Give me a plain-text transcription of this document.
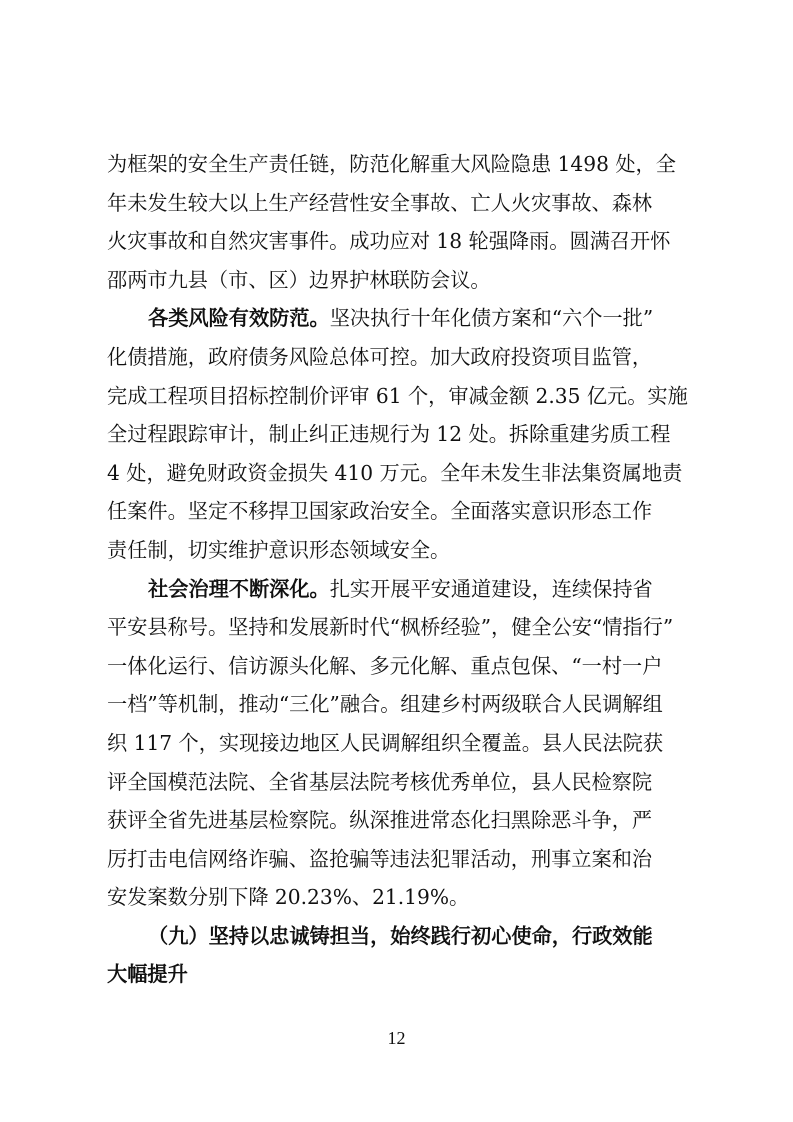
为框架的安全生产责任链，防范化解重大风险隐患 1498 处，全
年未发生较大以上生产经营性安全事故、亡人火灾事故、森林
火灾事故和自然灾害事件。成功应对 18 轮强降雨。圆满召开怀
邵两市九县（市、区）边界护林联防会议。
各类风险有效防范。坚决执行十年化债方案和“六个一批”
化债措施，政府债务风险总体可控。加大政府投资项目监管，
完成工程项目招标控制价评审 61 个，审减金额 2.35 亿元。实施
全过程跟踪审计，制止纠正违规行为 12 处。拆除重建劣质工程
4 处，避免财政资金损失 410 万元。全年未发生非法集资属地责
任案件。坚定不移捍卫国家政治安全。全面落实意识形态工作
责任制，切实维护意识形态领域安全。
社会治理不断深化。扎实开展平安通道建设，连续保持省
平安县称号。坚持和发展新时代“枫桥经验”，健全公安“情指行”
一体化运行、信访源头化解、多元化解、重点包保、“一村一户
一档”等机制，推动“三化”融合。组建乡村两级联合人民调解组
织 117 个，实现接边地区人民调解组织全覆盖。县人民法院获
评全国模范法院、全省基层法院考核优秀单位，县人民检察院
获评全省先进基层检察院。纵深推进常态化扫黑除恶斗争，严
厉打击电信网络诈骗、盗抢骗等违法犯罪活动，刑事立案和治
安发案数分别下降 20.23%、21.19%。
（九）坚持以忠诚铸担当，始终践行初心使命，行政效能
大幅提升
12
